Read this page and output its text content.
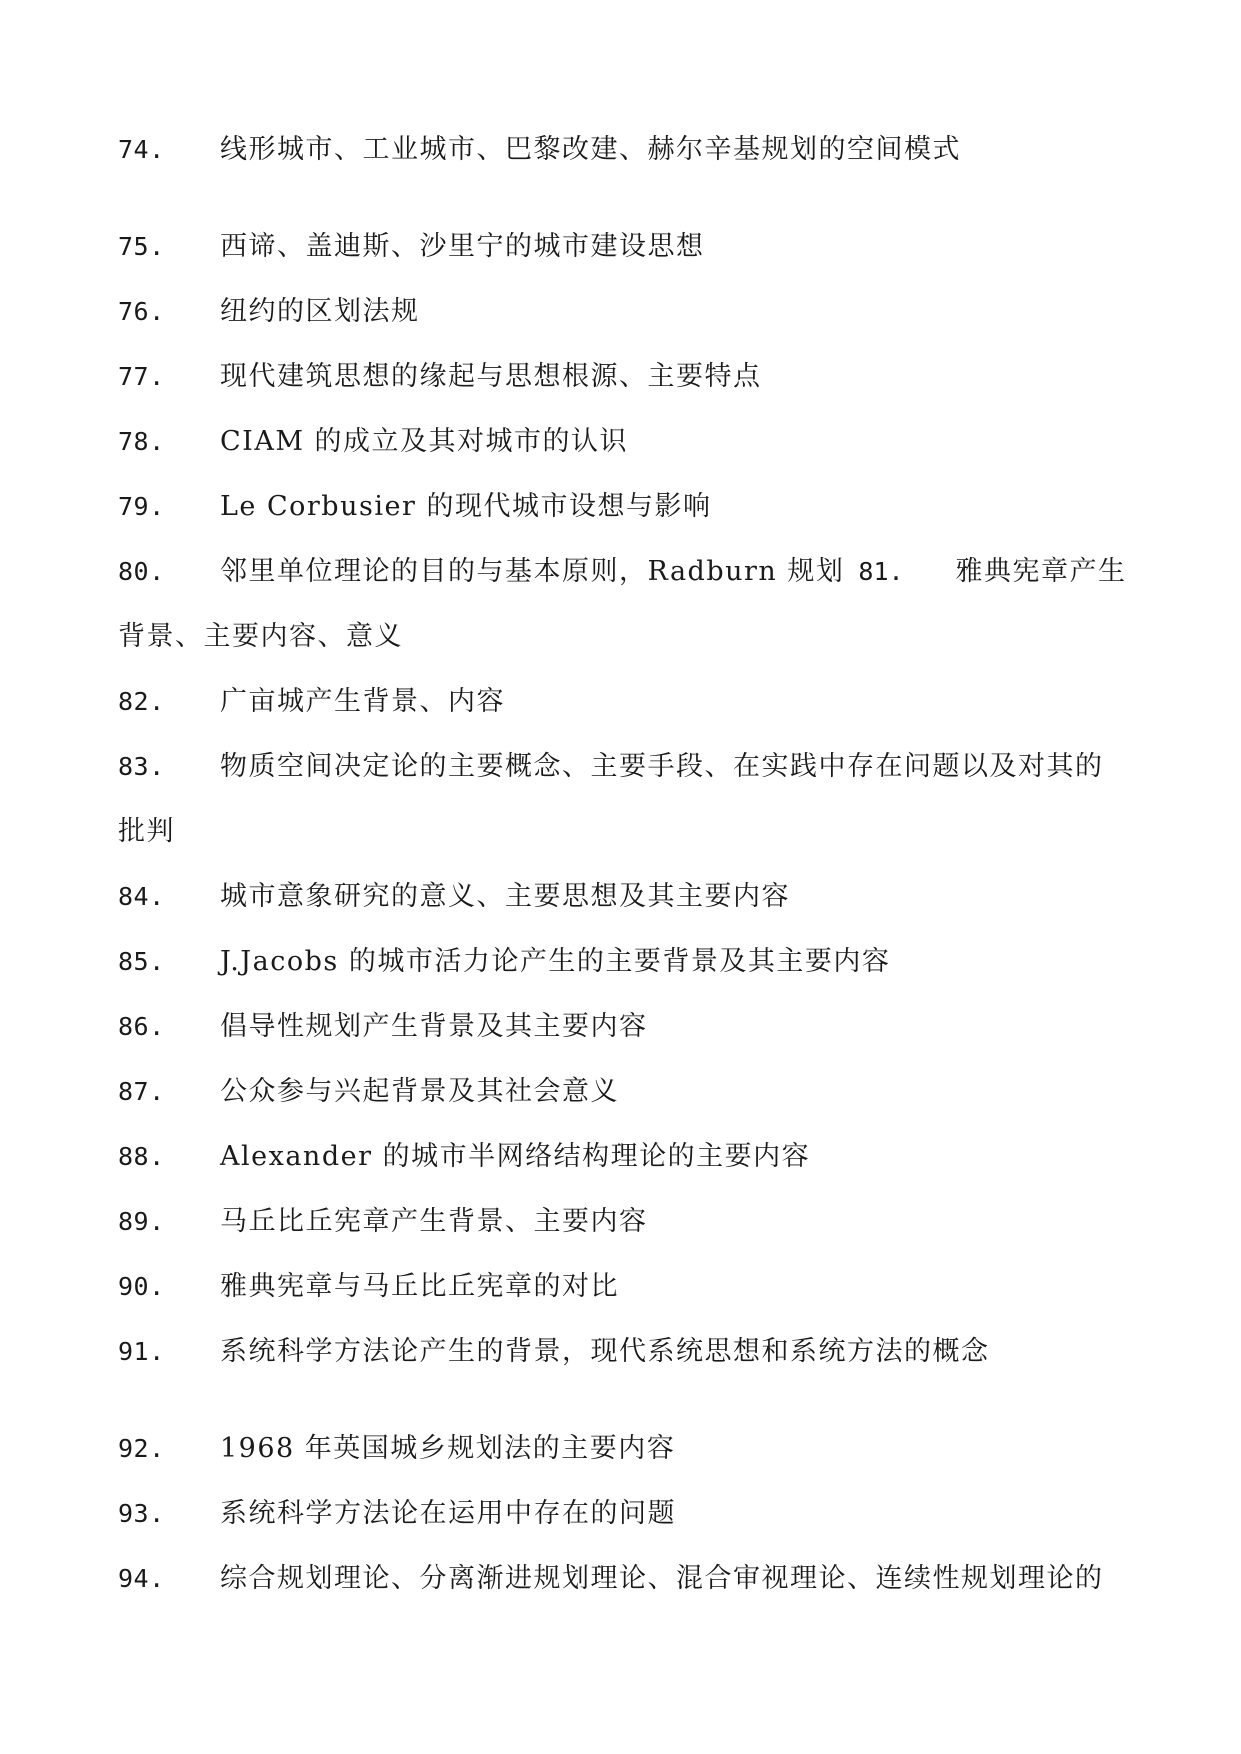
74. 线形城市、工业城市、巴黎改建、赫尔辛基规划的空间模式
75. 西谛、盖迪斯、沙里宁的城市建设思想
76. 纽约的区划法规
77. 现代建筑思想的缘起与思想根源、主要特点
78. CIAM 的成立及其对城市的认识
79. Le Corbusier 的现代城市设想与影响
80. 邻里单位理论的目的与基本原则，Radburn 规划 81. 雅典宪章产生
背景、主要内容、意义
82. 广亩城产生背景、内容
83. 物质空间决定论的主要概念、主要手段、在实践中存在问题以及对其的
批判
84. 城市意象研究的意义、主要思想及其主要内容
85. J.Jacobs 的城市活力论产生的主要背景及其主要内容
86. 倡导性规划产生背景及其主要内容
87. 公众参与兴起背景及其社会意义
88. Alexander 的城市半网络结构理论的主要内容
89. 马丘比丘宪章产生背景、主要内容
90. 雅典宪章与马丘比丘宪章的对比
91. 系统科学方法论产生的背景，现代系统思想和系统方法的概念
92. 1968 年英国城乡规划法的主要内容
93. 系统科学方法论在运用中存在的问题
94. 综合规划理论、分离渐进规划理论、混合审视理论、连续性规划理论的
